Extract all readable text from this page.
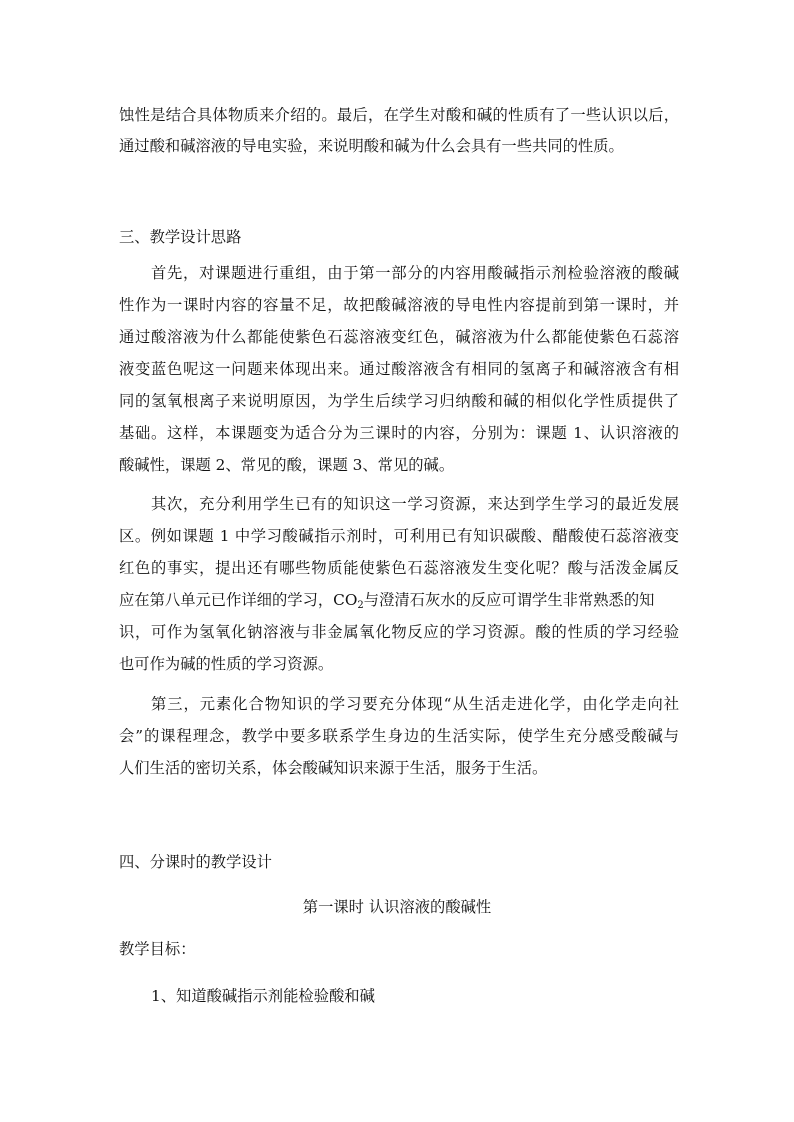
蚀性是结合具体物质来介绍的。最后，在学生对酸和碱的性质有了一些认识以后，
通过酸和碱溶液的导电实验，来说明酸和碱为什么会具有一些共同的性质。
三、教学设计思路
首先，对课题进行重组，由于第一部分的内容用酸碱指示剂检验溶液的酸碱
性作为一课时内容的容量不足，故把酸碱溶液的导电性内容提前到第一课时，并
通过酸溶液为什么都能使紫色石蕊溶液变红色，碱溶液为什么都能使紫色石蕊溶
液变蓝色呢这一问题来体现出来。通过酸溶液含有相同的氢离子和碱溶液含有相
同的氢氧根离子来说明原因，为学生后续学习归纳酸和碱的相似化学性质提供了
基础。这样，本课题变为适合分为三课时的内容，分别为：课题 1、认识溶液的
酸碱性，课题 2、常见的酸，课题 3、常见的碱。
其次，充分利用学生已有的知识这一学习资源，来达到学生学习的最近发展
区。例如课题 1 中学习酸碱指示剂时，可利用已有知识碳酸、醋酸使石蕊溶液变
红色的事实，提出还有哪些物质能使紫色石蕊溶液发生变化呢？酸与活泼金属反
应在第八单元已作详细的学习，$CO_2$与澄清石灰水的反应可谓学生非常熟悉的知
识，可作为氢氧化钠溶液与非金属氧化物反应的学习资源。酸的性质的学习经验
也可作为碱的性质的学习资源。
第三，元素化合物知识的学习要充分体现“从生活走进化学，由化学走向社
会”的课程理念，教学中要多联系学生身边的生活实际，使学生充分感受酸碱与
人们生活的密切关系，体会酸碱知识来源于生活，服务于生活。
四、分课时的教学设计
第一课时 认识溶液的酸碱性
教学目标：
1、知道酸碱指示剂能检验酸和碱
